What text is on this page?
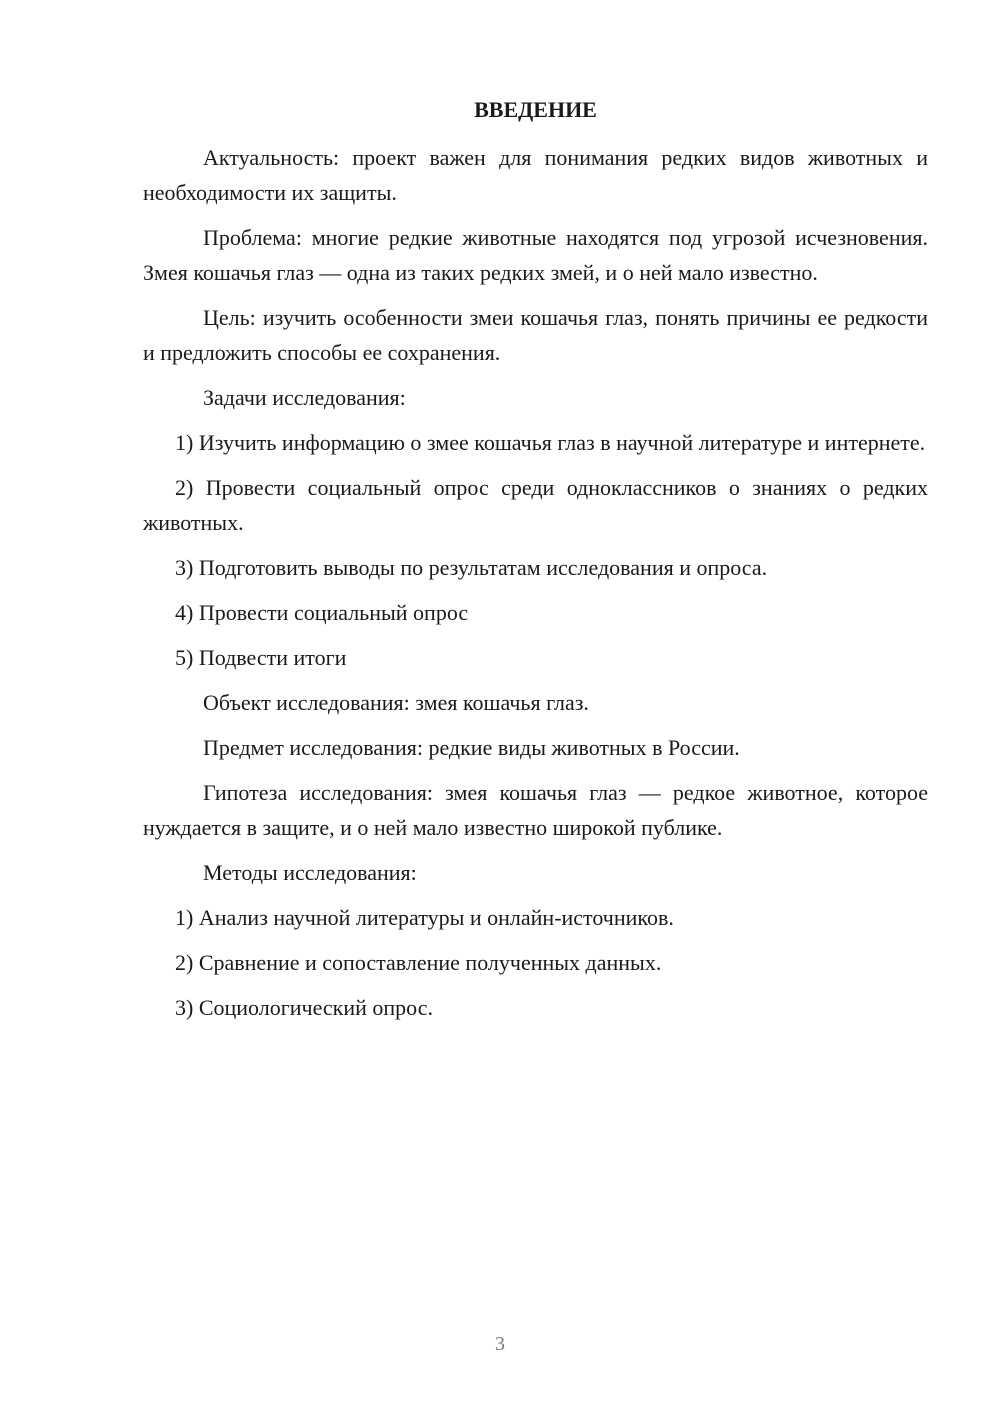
ВВЕДЕНИЕ

Актуальность: проект важен для понимания редких видов животных и необходимости их защиты.

Проблема: многие редкие животные находятся под угрозой исчезновения. Змея кошачья глаз — одна из таких редких змей, и о ней мало известно.

Цель: изучить особенности змеи кошачья глаз, понять причины ее редкости и предложить способы ее сохранения.

Задачи исследования:

1) Изучить информацию о змее кошачья глаз в научной литературе и интернете.

2) Провести социальный опрос среди одноклассников о знаниях о редких животных.

3) Подготовить выводы по результатам исследования и опроса.

4) Провести социальный опрос

5) Подвести итоги

Объект исследования: змея кошачья глаз.

Предмет исследования: редкие виды животных в России.

Гипотеза исследования: змея кошачья глаз — редкое животное, которое нуждается в защите, и о ней мало известно широкой публике.

Методы исследования:

1) Анализ научной литературы и онлайн-источников.

2) Сравнение и сопоставление полученных данных.

3) Социологический опрос.

3
